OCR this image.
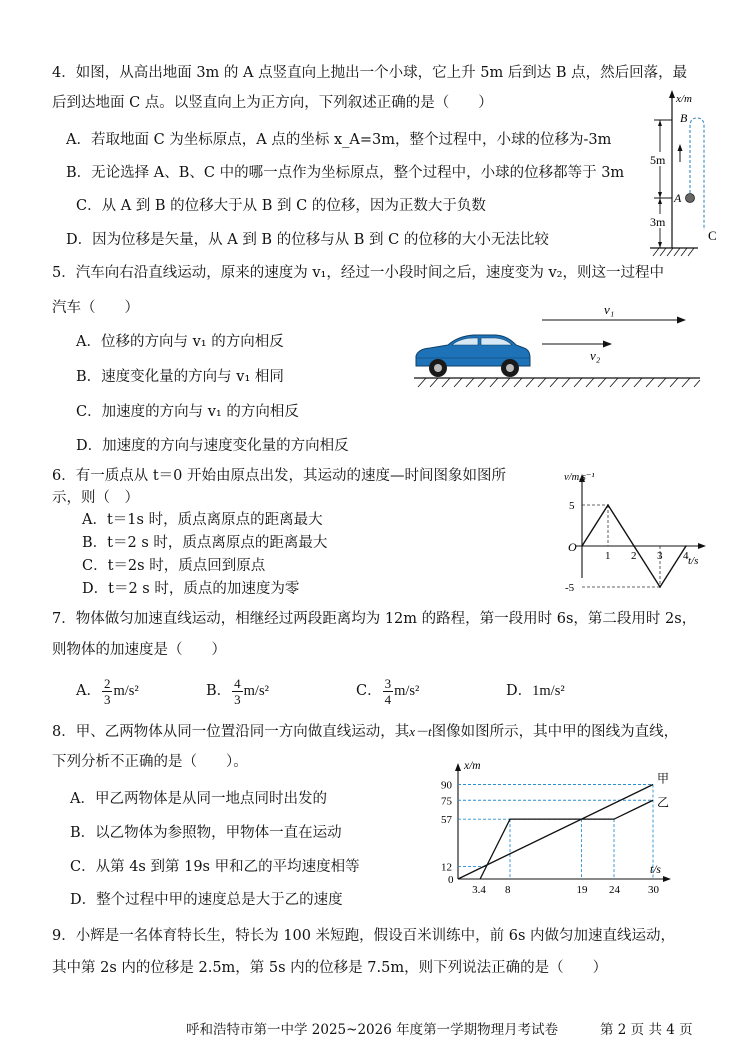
4．如图，从高出地面 3m 的 A 点竖直向上抛出一个小球，它上升 5m 后到达 B 点，然后回落，最
后到达地面 C 点。以竖直向上为正方向，下列叙述正确的是（　　）
A．若取地面 C 为坐标原点，A 点的坐标 x_A=3m，整个过程中，小球的位移为-3m
B．无论选择 A、B、C 中的哪一点作为坐标原点，整个过程中，小球的位移都等于 3m
C．从 A 到 B 的位移大于从 B 到 C 的位移，因为正数大于负数
D．因为位移是矢量，从 A 到 B 的位移与从 B 到 C 的位移的大小无法比较
x/m
5m
3m
B
A
C
5．汽车向右沿直线运动，原来的速度为 v₁，经过一小段时间之后，速度变为 v₂，则这一过程中
汽车（　　）
A．位移的方向与 v₁ 的方向相反
B．速度变化量的方向与 v₁ 相同
C．加速度的方向与 v₁ 的方向相反
D．加速度的方向与速度变化量的方向相反
v₁
v₂
6．有一质点从 t＝0 开始由原点出发，其运动的速度—时间图象如图所
示，则（　）
A．t＝1s 时，质点离原点的距离最大
B．t＝2 s 时，质点离原点的距离最大
C．t＝2s 时，质点回到原点
D．t＝2 s 时，质点的加速度为零
O
v/m.s⁻¹
t/s
5
-5
1 2 3 4
7．物体做匀加速直线运动，相继经过两段距离均为 12m 的路程，第一段用时 6s，第二段用时 2s，
则物体的加速度是（　　）
A． $\frac{2}{3} m/s^2$	B． $\frac{4}{3} m/s^2$	C． $\frac{3}{4} m/s^2$	D．1m/s²
8．甲、乙两物体从同一位置沿同一方向做直线运动，其x－t图像如图所示，其中甲的图线为直线，
下列分析不正确的是（　　）。
A．甲乙两物体是从同一地点同时出发的
B．以乙物体为参照物，甲物体一直在运动
C．从第 4s 到第 19s 甲和乙的平均速度相等
D．整个过程中甲的速度总是大于乙的速度
x/m
t/s
0
12
57
75
90
3.4 8	19 24	30
甲
乙
9．小辉是一名体育特长生，特长为 100 米短跑，假设百米训练中，前 6s 内做匀加速直线运动，
其中第 2s 内的位移是 2.5m，第 5s 内的位移是 7.5m，则下列说法正确的是（　　）
呼和浩特市第一中学 2025~2026 年度第一学期物理月考试卷	第 2 页 共 4 页
